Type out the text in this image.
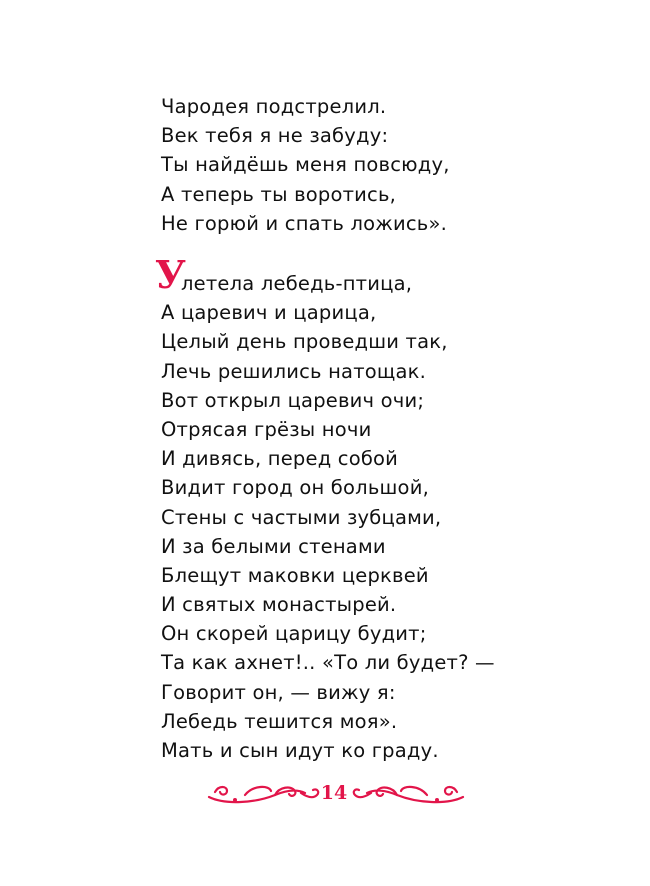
Чародея подстрелил.
Век тебя я не забуду:
Ты найдёшь меня повсюду,
А теперь ты воротись,
Не горюй и спать ложись».
У
летела лебедь-птица,
А царевич и царица,
Целый день проведши так,
Лечь решились натощак.
Вот открыл царевич очи;
Отрясая грёзы ночи
И дивясь, перед собой
Видит город он большой,
Стены с частыми зубцами,
И за белыми стенами
Блещут маковки церквей
И святых монастырей.
Он скорей царицу будит;
Та как ахнет!.. «То ли будет? —
Говорит он, — вижу я:
Лебедь тешится моя».
Мать и сын идут ко граду.
14
